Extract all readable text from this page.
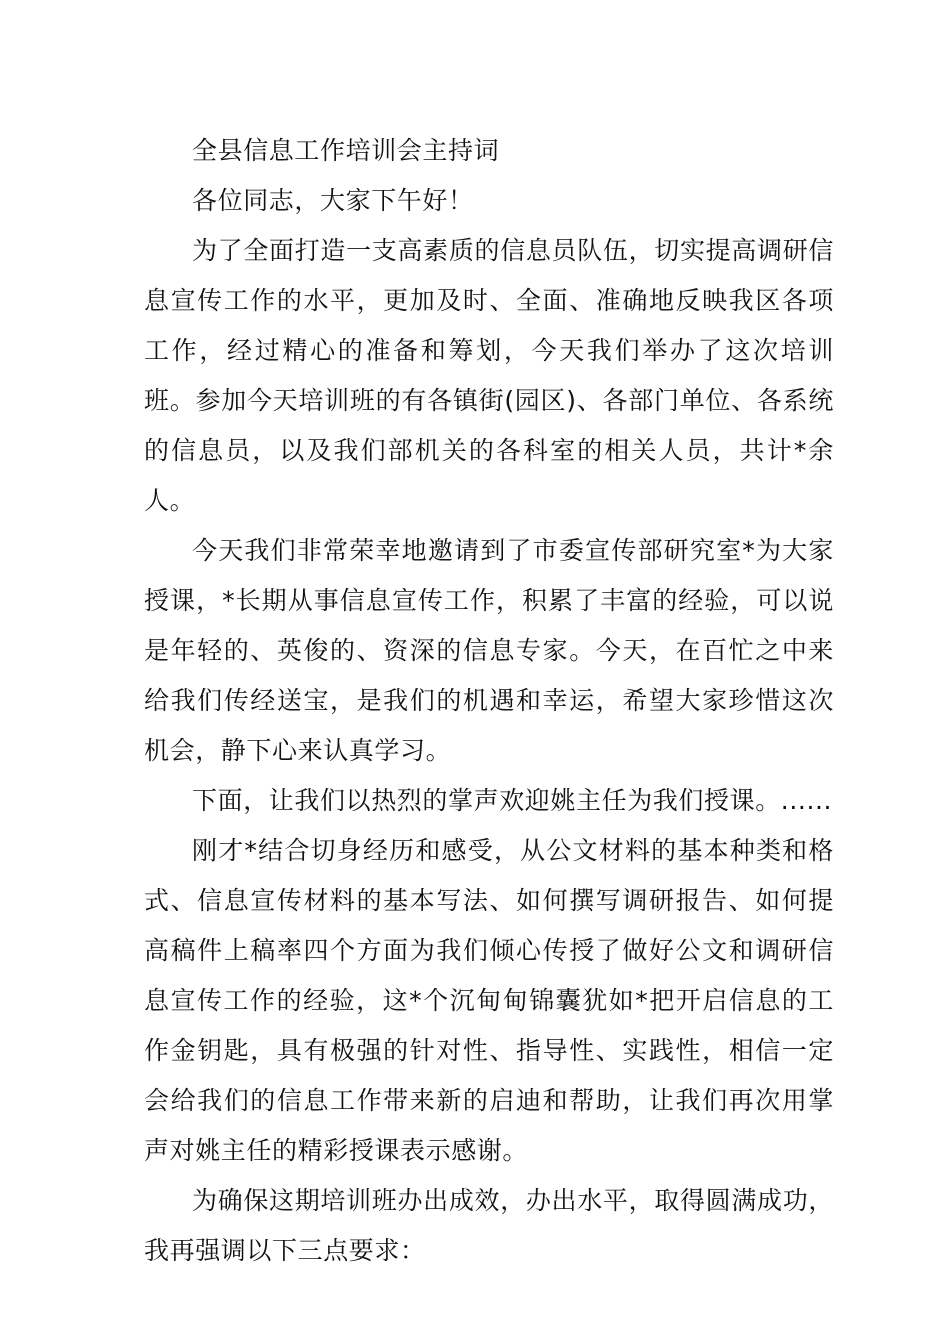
全县信息工作培训会主持词

各位同志，大家下午好！

为了全面打造一支高素质的信息员队伍，切实提高调研信息宣传工作的水平，更加及时、全面、准确地反映我区各项工作，经过精心的准备和筹划，今天我们举办了这次培训班。参加今天培训班的有各镇街(园区)、各部门单位、各系统的信息员，以及我们部机关的各科室的相关人员，共计*余人。

今天我们非常荣幸地邀请到了市委宣传部研究室*为大家授课，*长期从事信息宣传工作，积累了丰富的经验，可以说是年轻的、英俊的、资深的信息专家。今天，在百忙之中来给我们传经送宝，是我们的机遇和幸运，希望大家珍惜这次机会，静下心来认真学习。

下面，让我们以热烈的掌声欢迎姚主任为我们授课。......

刚才*结合切身经历和感受，从公文材料的基本种类和格式、信息宣传材料的基本写法、如何撰写调研报告、如何提高稿件上稿率四个方面为我们倾心传授了做好公文和调研信息宣传工作的经验，这*个沉甸甸锦囊犹如*把开启信息的工作金钥匙，具有极强的针对性、指导性、实践性，相信一定会给我们的信息工作带来新的启迪和帮助，让我们再次用掌声对姚主任的精彩授课表示感谢。

为确保这期培训班办出成效，办出水平，取得圆满成功，我再强调以下三点要求：
